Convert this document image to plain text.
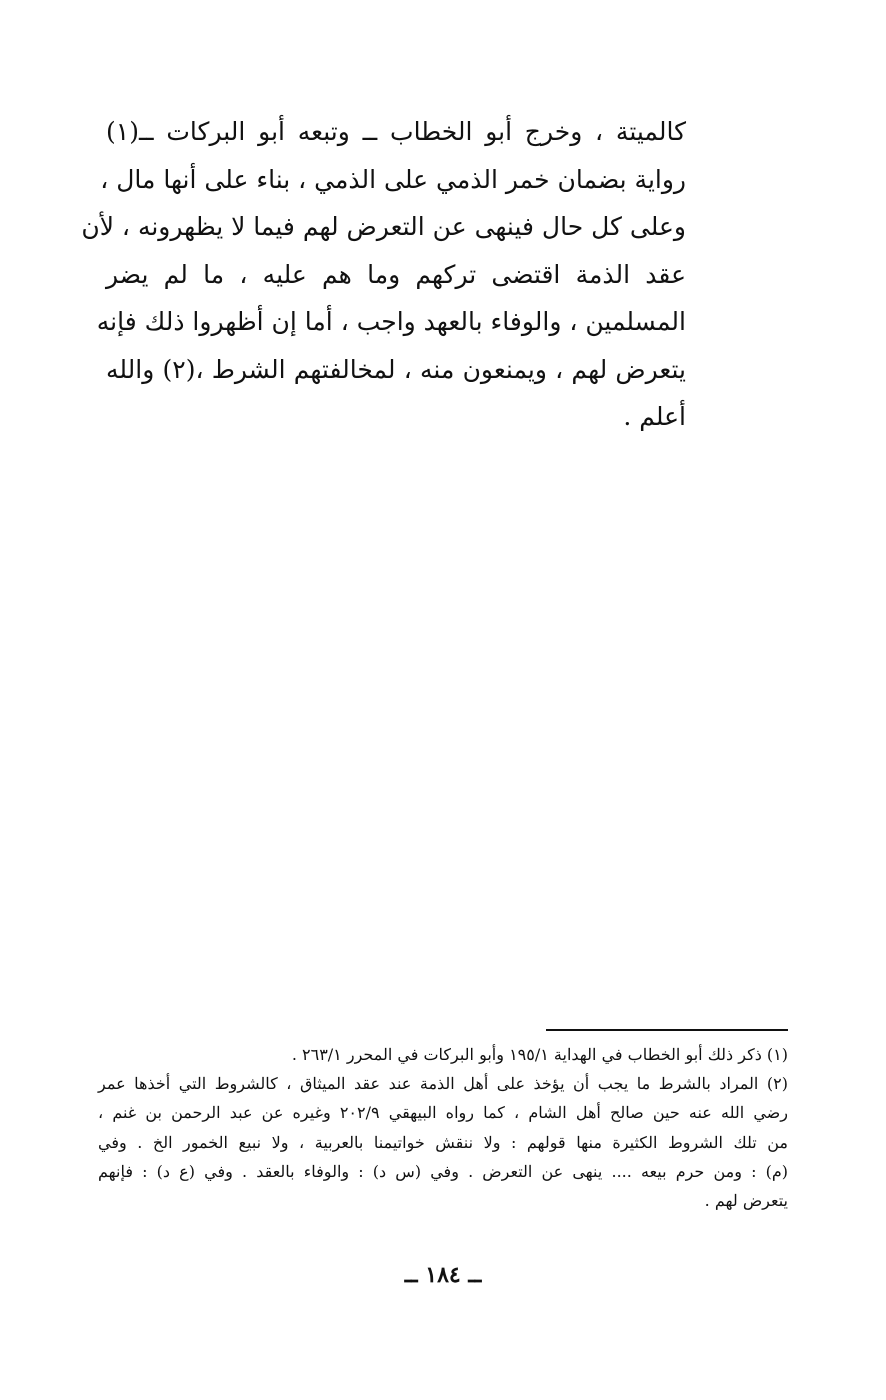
كالميتة ، وخرج أبو الخطاب ــ وتبعه أبو البركات ــ(١)
رواية بضمان خمر الذمي على الذمي ، بناء على أنها مال ،
وعلى كل حال فينهى عن التعرض لهم فيما لا يظهرونه ، لأن
عقد الذمة اقتضى تركهم وما هم عليه ، ما لم يضر
المسلمين ، والوفاء بالعهد واجب ، أما إن أظهروا ذلك فإنه
يتعرض لهم ، ويمنعون منه ، لمخالفتهم الشرط ،(٢) والله
أعلم .
(١) ذكر ذلك أبو الخطاب في الهداية ١٩٥/١ وأبو البركات في المحرر ٢٦٣/١ .
(٢) المراد بالشرط ما يجب أن يؤخذ على أهل الذمة عند عقد الميثاق ، كالشروط التي أخذها عمر
رضي الله عنه حين صالح أهل الشام ، كما رواه البيهقي ٢٠٢/٩ وغيره عن عبد الرحمن بن غنم ،
من تلك الشروط الكثيرة منها قولهم : ولا ننقش خواتيمنا بالعربية ، ولا نبيع الخمور الخ . وفي
(م) : ومن حرم بيعه .... ينهى عن التعرض . وفي (س د) : والوفاء بالعقد . وفي (ع د) : فإنهم
يتعرض لهم .
ــ ١٨٤ ــ
